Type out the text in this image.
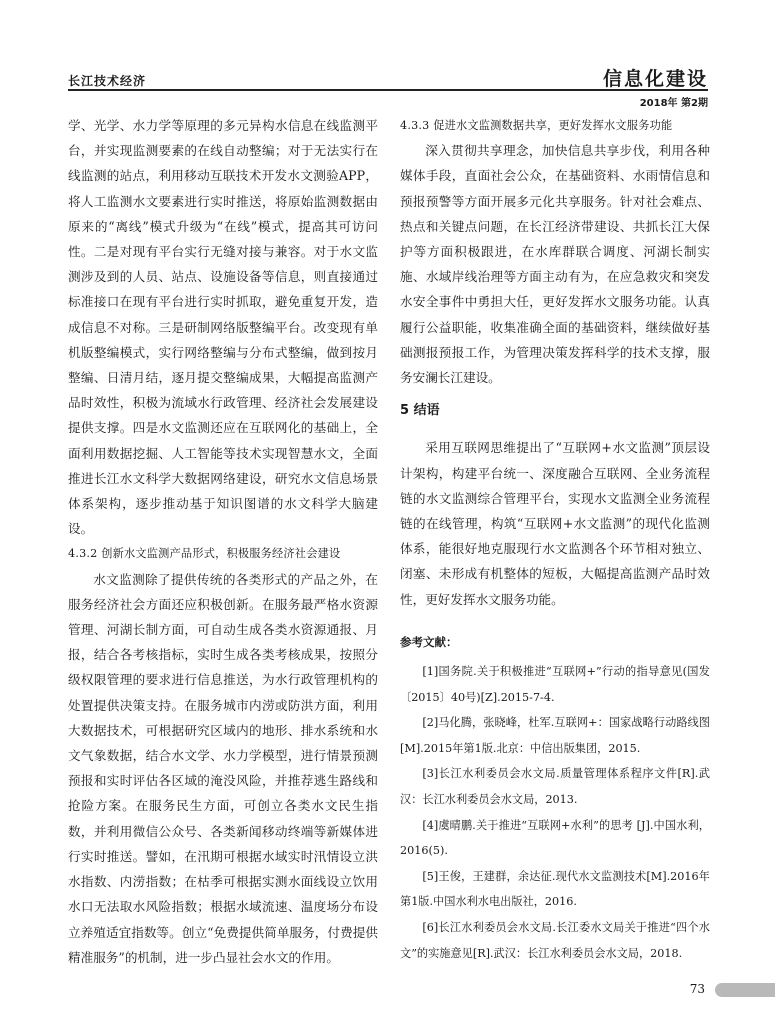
长江技术经济	信息化建设
2018年 第2期

学、光学、水力学等原理的多元异构水信息在线监测平台，并实现监测要素的在线自动整编；对于无法实行在线监测的站点，利用移动互联技术开发水文测验APP，将人工监测水文要素进行实时推送，将原始监测数据由原来的“离线”模式升级为“在线”模式，提高其可访问性。二是对现有平台实行无缝对接与兼容。对于水文监测涉及到的人员、站点、设施设备等信息，则直接通过标准接口在现有平台进行实时抓取，避免重复开发，造成信息不对称。三是研制网络版整编平台。改变现有单机版整编模式，实行网络整编与分布式整编，做到按月整编、日清月结，逐月提交整编成果，大幅提高监测产品时效性，积极为流域水行政管理、经济社会发展建设提供支撑。四是水文监测还应在互联网化的基础上，全面利用数据挖掘、人工智能等技术实现智慧水文，全面推进长江水文科学大数据网络建设，研究水文信息场景体系架构，逐步推动基于知识图谱的水文科学大脑建设。

4.3.2 创新水文监测产品形式，积极服务经济社会建设

水文监测除了提供传统的各类形式的产品之外，在服务经济社会方面还应积极创新。在服务最严格水资源管理、河湖长制方面，可自动生成各类水资源通报、月报，结合各考核指标，实时生成各类考核成果，按照分级权限管理的要求进行信息推送，为水行政管理机构的处置提供决策支持。在服务城市内涝或防洪方面，利用大数据技术，可根据研究区域内的地形、排水系统和水文气象数据，结合水文学、水力学模型，进行情景预测预报和实时评估各区域的淹没风险，并推荐逃生路线和抢险方案。在服务民生方面，可创立各类水文民生指数，并利用微信公众号、各类新闻移动终端等新媒体进行实时推送。譬如，在汛期可根据水域实时汛情设立洪水指数、内涝指数；在枯季可根据实测水面线设立饮用水口无法取水风险指数；根据水域流速、温度场分布设立养殖适宜指数等。创立“免费提供简单服务，付费提供精准服务”的机制，进一步凸显社会水文的作用。

4.3.3 促进水文监测数据共享，更好发挥水文服务功能

深入贯彻共享理念，加快信息共享步伐，利用各种媒体手段，直面社会公众，在基础资料、水雨情信息和预报预警等方面开展多元化共享服务。针对社会难点、热点和关键点问题，在长江经济带建设、共抓长江大保护等方面积极跟进，在水库群联合调度、河湖长制实施、水域岸线治理等方面主动有为，在应急救灾和突发水安全事件中勇担大任，更好发挥水文服务功能。认真履行公益职能，收集准确全面的基础资料，继续做好基础测报预报工作，为管理决策发挥科学的技术支撑，服务安澜长江建设。

5 结语

采用互联网思维提出了“互联网+水文监测”顶层设计架构，构建平台统一、深度融合互联网、全业务流程链的水文监测综合管理平台，实现水文监测全业务流程链的在线管理，构筑“互联网+水文监测”的现代化监测体系，能很好地克服现行水文监测各个环节相对独立、闭塞、未形成有机整体的短板，大幅提高监测产品时效性，更好发挥水文服务功能。

参考文献：

[1]国务院.关于积极推进“互联网+”行动的指导意见(国发〔2015〕40号)[Z].2015-7-4.

[2]马化腾，张晓峰，杜军.互联网+：国家战略行动路线图 [M].2015年第1版.北京：中信出版集团，2015.

[3]长江水利委员会水文局.质量管理体系程序文件[R].武汉：长江水利委员会水文局，2013.

[4]虞晴鹏.关于推进“互联网+水利”的思考 [J].中国水利，2016(5).

[5]王俊，王建群，余达征.现代水文监测技术[M].2016年第1版.中国水利水电出版社，2016.

[6]长江水利委员会水文局.长江委水文局关于推进“四个水文”的实施意见[R].武汉：长江水利委员会水文局，2018.

73
